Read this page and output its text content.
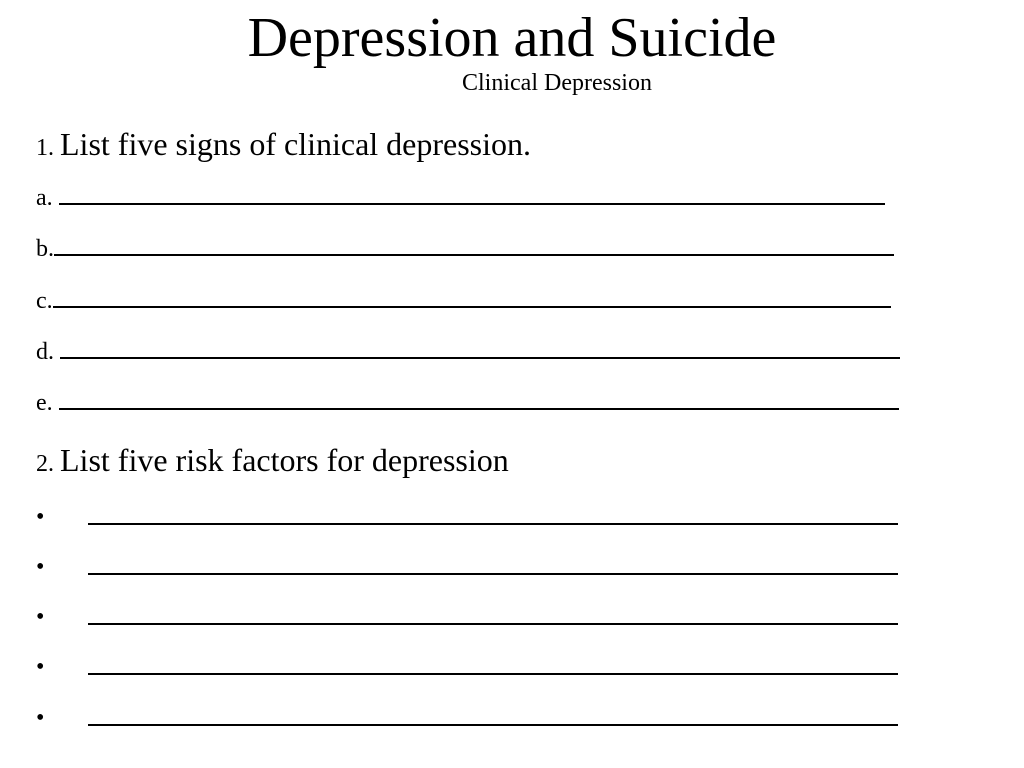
Depression and Suicide
Clinical Depression
1. List five signs of clinical depression.
a.
b.
c.
d.
e.
2. List five risk factors for depression
•
•
•
•
•
